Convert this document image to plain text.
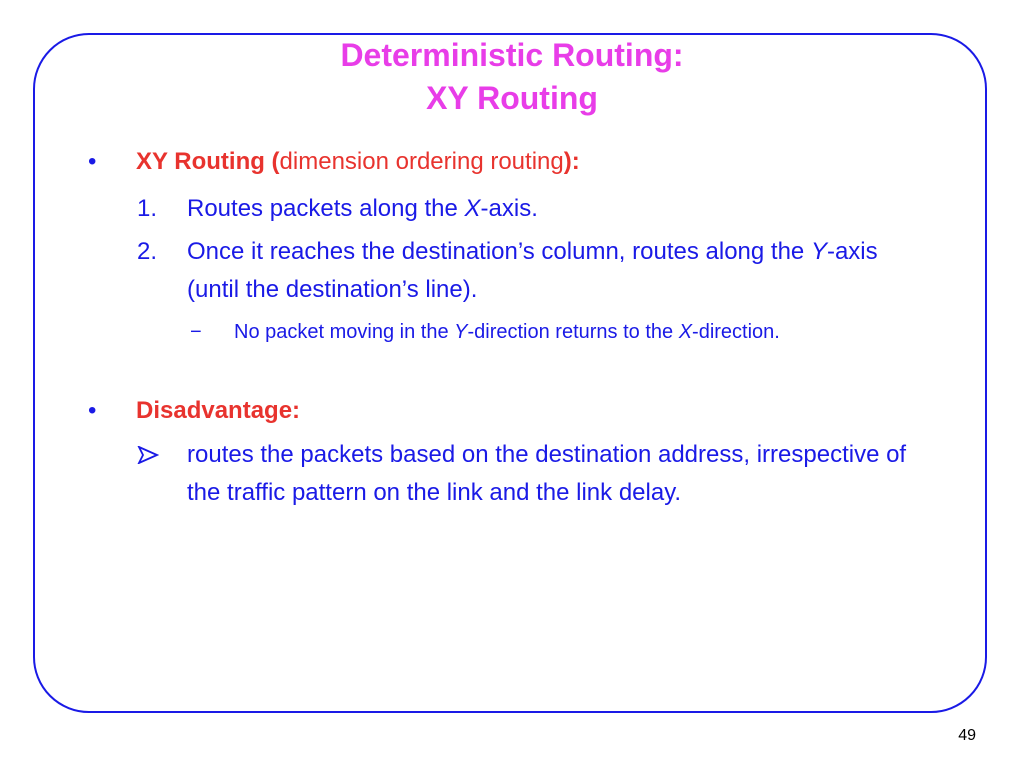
Deterministic Routing:
XY Routing
•	XY Routing (dimension ordering routing):
1.	Routes packets along the X-axis.
2.	Once it reaches the destination’s column, routes along the Y-axis (until the destination’s line).
−	No packet moving in the Y-direction returns to the X-direction.
•	Disadvantage:
routes the packets based on the destination address, irrespective of the traffic pattern on the link and the link delay.
49
